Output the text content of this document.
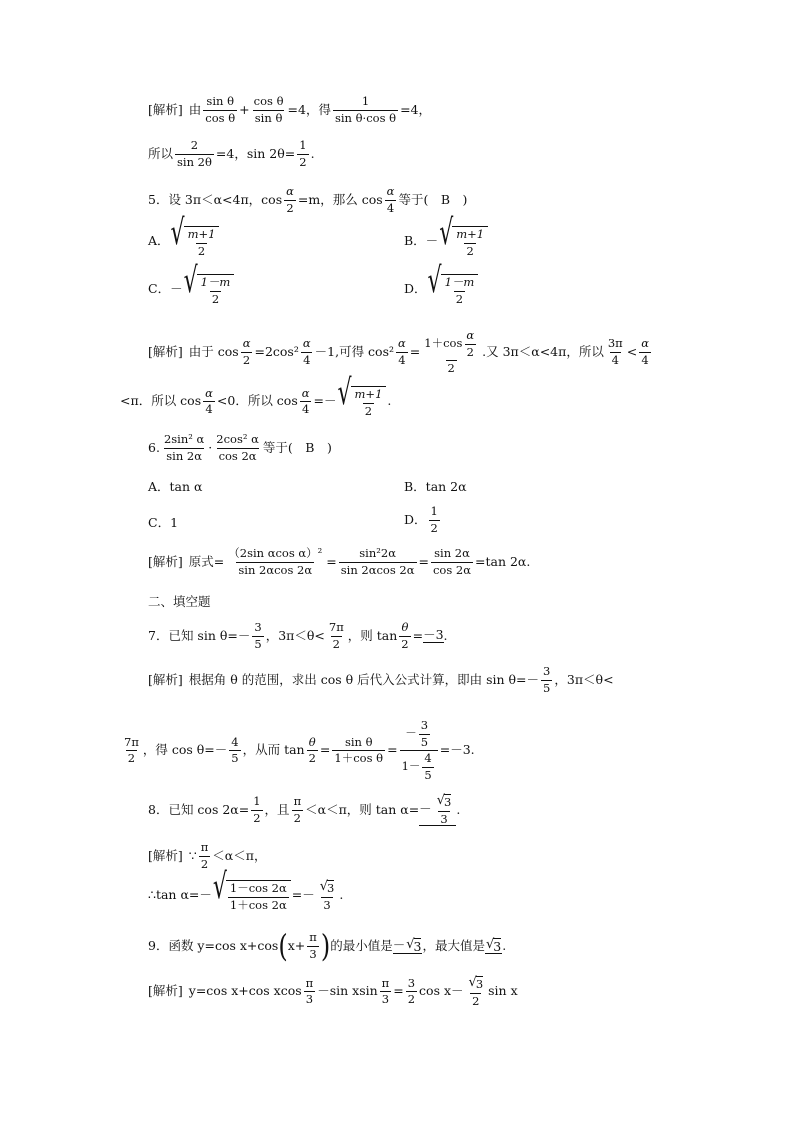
[解析] 由 $\frac{\text{sin θ}}{\text{cos θ}} + \frac{\text{cos θ}}{\text{sin θ}} =4$，得 $\frac{1}{\text{sin θ·cos θ}} =4$，
所以 $\frac{2}{\sin 2\theta} =4$，$\sin 2\theta= \frac{1}{2}$ .
5．设 3π＜α<4π，$\cos \frac{\alpha}{2} =m$，那么 $\cos \frac{\alpha}{4}$ 等于(　B　)
A． √ $\frac{m+1}{2}$	B．－ √ $\frac{m+1}{2}$
C．－ √ $\frac{1-m}{2}$	D． √ $\frac{1-m}{2}$
[解析] 由于 $\cos \frac{\alpha}{2} =2\cos^2 \frac{\alpha}{4} -1$,可得 $\cos^2 \frac{\alpha}{4} = \frac{1+\cos \frac{\alpha}{2}}{2}$ .又 3π＜α<4π，所以 $\frac{3\pi}{4} < \frac{\alpha}{4}$
<π．所以 $\cos \frac{\alpha}{4} <0$．所以 $\cos \frac{\alpha}{4}$ =－ √ $\frac{m+1}{2}$ .
6. $\frac{\text{2sin² α}}{\sin 2\alpha} \cdot \frac{\text{2cos² α}}{\cos 2\alpha}$ 等于(　B　)
A．tan α	B．tan 2α
C．1	D． $\frac{1}{2}$
[解析] 原式= $\frac{\text{（2sin αcos α）²}}{\sin 2\alpha\cos 2\alpha} = \frac{\text{sin²2α}}{\sin 2\alpha\cos 2\alpha} = \frac{\sin 2\alpha}{\cos 2\alpha} =\tan$ 2α.
二、填空题
7．已知 $\sin \theta=- \frac{3}{5}$ ，$3\pi<\theta< \frac{7\pi}{2}$ ，则 $\tan \frac{\theta}{2} = -3$ .
[解析] 根据角 θ 的范围，求出 cos θ 后代入公式计算，即由 $\sin \theta=- \frac{3}{5}$ ，3π＜θ<
$\frac{7\pi}{2}$ ，得 $\cos \theta=- \frac{4}{5}$ ，从而 $\tan \frac{\theta}{2} = \frac{\text{sin θ}}{\text{1＋cos θ}} = \frac{- \frac{3}{5}}{1- \frac{4}{5}} =-3$.
8．已知 $\cos 2\alpha= \frac{1}{2}$ ，且 $\frac{\pi}{2} <\alpha<\pi$，则 $\tan \alpha= - \frac{√ 3}{3}$ .
[解析] ∵ $\frac{\pi}{2} <\alpha<\pi$，
∴tan α=－ √ $\frac{1-\cos 2\alpha}{1+\cos 2\alpha} =- \frac{√ 3}{3}$ .
9．函数 y=cos x+cos ( $x+ \frac{\pi}{3}$ ) 的最小值是 － √ 3 ，最大值是 √ 3 .
[解析] y=cos x+cos xcos $\frac{\pi}{3} -\sin$ xsin $\frac{\pi}{3} = \frac{3}{2}$ $\cos x- \frac{√ 3}{2}$ sin x
